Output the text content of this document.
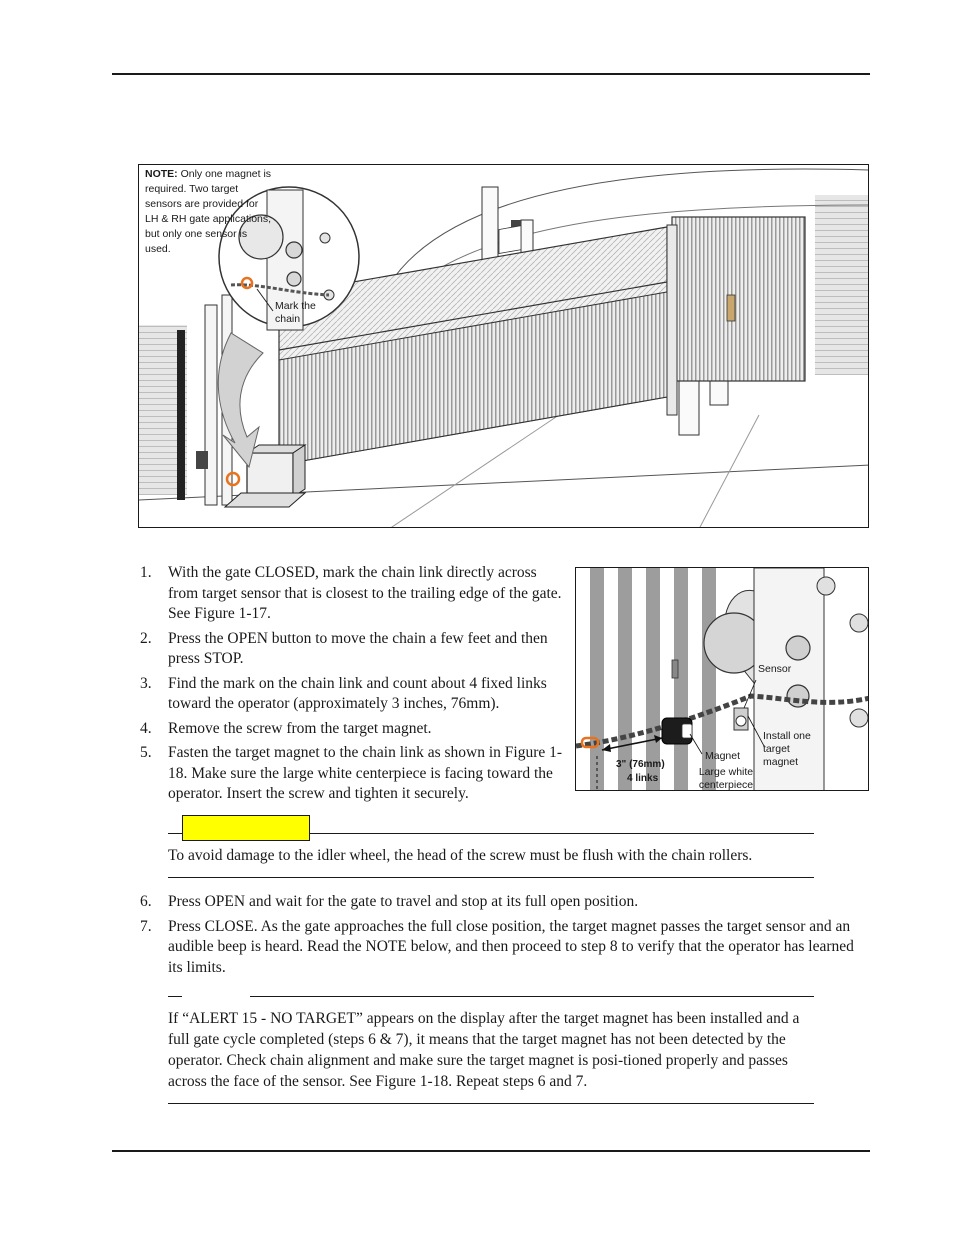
NOTE: Only one magnet is required. Two target sensors are provided for LH & RH gate applications, but only one sensor is used.
Mark the chain
1. With the gate CLOSED, mark the chain link directly across from target sensor that is closest to the trailing edge of the gate. See Figure 1-17.
2. Press the OPEN button to move the chain a few feet and then press STOP.
3. Find the mark on the chain link and count about 4 fixed links toward the operator (approximately 3 inches, 76mm).
4. Remove the screw from the target magnet.
5. Fasten the target magnet to the chain link as shown in Figure 1-18. Make sure the large white centerpiece is facing toward the operator. Insert the screw and tighten it securely.
Sensor
Install one target magnet
Magnet
Large white centerpiece
3" (76mm)
4 links

To avoid damage to the idler wheel, the head of the screw must be flush with the chain rollers.

6. Press OPEN and wait for the gate to travel and stop at its full open position.
7. Press CLOSE. As the gate approaches the full close position, the target magnet passes the target sensor and an audible beep is heard. Read the NOTE below, and then proceed to step 8 to verify that the operator has learned its limits.

If “ALERT 15 - NO TARGET” appears on the display after the target magnet has been installed and a full gate cycle completed (steps 6 & 7), it means that the target magnet has not been detected by the operator. Check chain alignment and make sure the target magnet is posi-tioned properly and passes across the face of the sensor. See Figure 1-18. Repeat steps 6 and 7.
